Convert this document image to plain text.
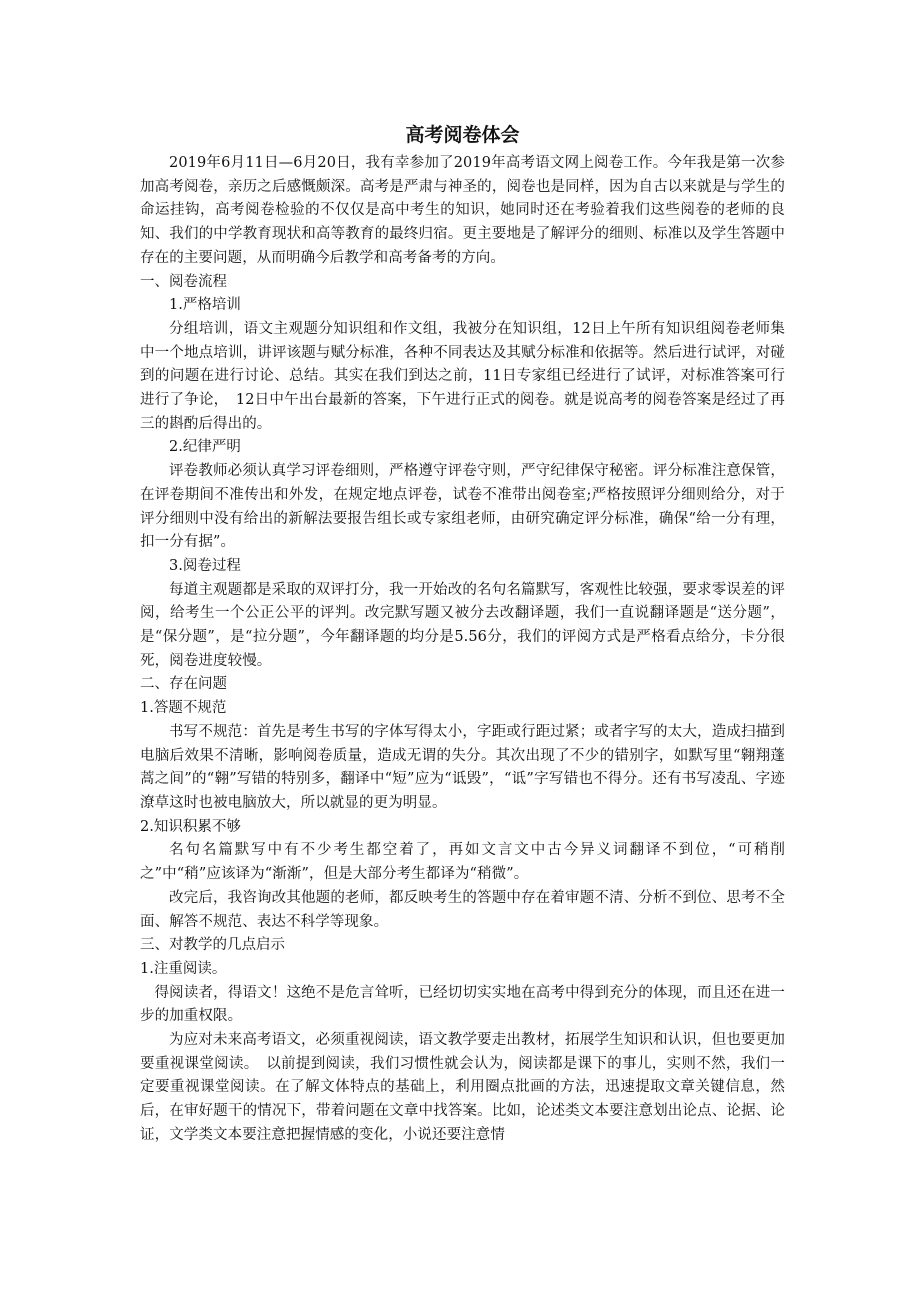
高考阅卷体会

2019年6月11日—6月20日，我有幸参加了2019年高考语文网上阅卷工作。今年我是第一次参加高考阅卷，亲历之后感慨颇深。高考是严肃与神圣的，阅卷也是同样，因为自古以来就是与学生的命运挂钩，高考阅卷检验的不仅仅是高中考生的知识，她同时还在考验着我们这些阅卷的老师的良知、我们的中学教育现状和高等教育的最终归宿。更主要地是了解评分的细则、标准以及学生答题中存在的主要问题，从而明确今后教学和高考备考的方向。

一、阅卷流程

1.严格培训

分组培训，语文主观题分知识组和作文组，我被分在知识组，12日上午所有知识组阅卷老师集中一个地点培训，讲评该题与赋分标准，各种不同表达及其赋分标准和依据等。然后进行试评，对碰到的问题在进行讨论、总结。其实在我们到达之前，11日专家组已经进行了试评，对标准答案可行进行了争论，　12日中午出台最新的答案，下午进行正式的阅卷。就是说高考的阅卷答案是经过了再三的斟酌后得出的。

2.纪律严明

评卷教师必须认真学习评卷细则，严格遵守评卷守则，严守纪律保守秘密。评分标准注意保管，在评卷期间不准传出和外发，在规定地点评卷，试卷不准带出阅卷室;严格按照评分细则给分，对于评分细则中没有给出的新解法要报告组长或专家组老师，由研究确定评分标准，确保“给一分有理，扣一分有据”。

3.阅卷过程

每道主观题都是采取的双评打分，我一开始改的名句名篇默写，客观性比较强，要求零误差的评阅，给考生一个公正公平的评判。改完默写题又被分去改翻译题，我们一直说翻译题是“送分题”，是“保分题”，是“拉分题”，今年翻译题的均分是5.56分，我们的评阅方式是严格看点给分，卡分很死，阅卷进度较慢。

二、存在问题

1.答题不规范

书写不规范：首先是考生书写的字体写得太小，字距或行距过紧；或者字写的太大，造成扫描到电脑后效果不清晰，影响阅卷质量，造成无谓的失分。其次出现了不少的错别字，如默写里“翱翔蓬蒿之间”的“翱”写错的特别多，翻译中“短”应为“诋毁”，“诋”字写错也不得分。还有书写凌乱、字迹潦草这时也被电脑放大，所以就显的更为明显。

2.知识积累不够

名句名篇默写中有不少考生都空着了，再如文言文中古今异义词翻译不到位，“可稍削之”中“稍”应该译为“渐渐”，但是大部分考生都译为“稍微”。

改完后，我咨询改其他题的老师，都反映考生的答题中存在着审题不清、分析不到位、思考不全面、解答不规范、表达不科学等现象。

三、对教学的几点启示

1.注重阅读。

得阅读者，得语文！这绝不是危言耸听，已经切切实实地在高考中得到充分的体现，而且还在进一步的加重权限。

为应对未来高考语文，必须重视阅读，语文教学要走出教材，拓展学生知识和认识，但也要更加要重视课堂阅读。　以前提到阅读，我们习惯性就会认为，阅读都是课下的事儿，实则不然，我们一定要重视课堂阅读。在了解文体特点的基础上，利用圈点批画的方法，迅速提取文章关键信息，然后，在审好题干的情况下，带着问题在文章中找答案。比如，论述类文本要注意划出论点、论据、论证，文学类文本要注意把握情感的变化，小说还要注意情
